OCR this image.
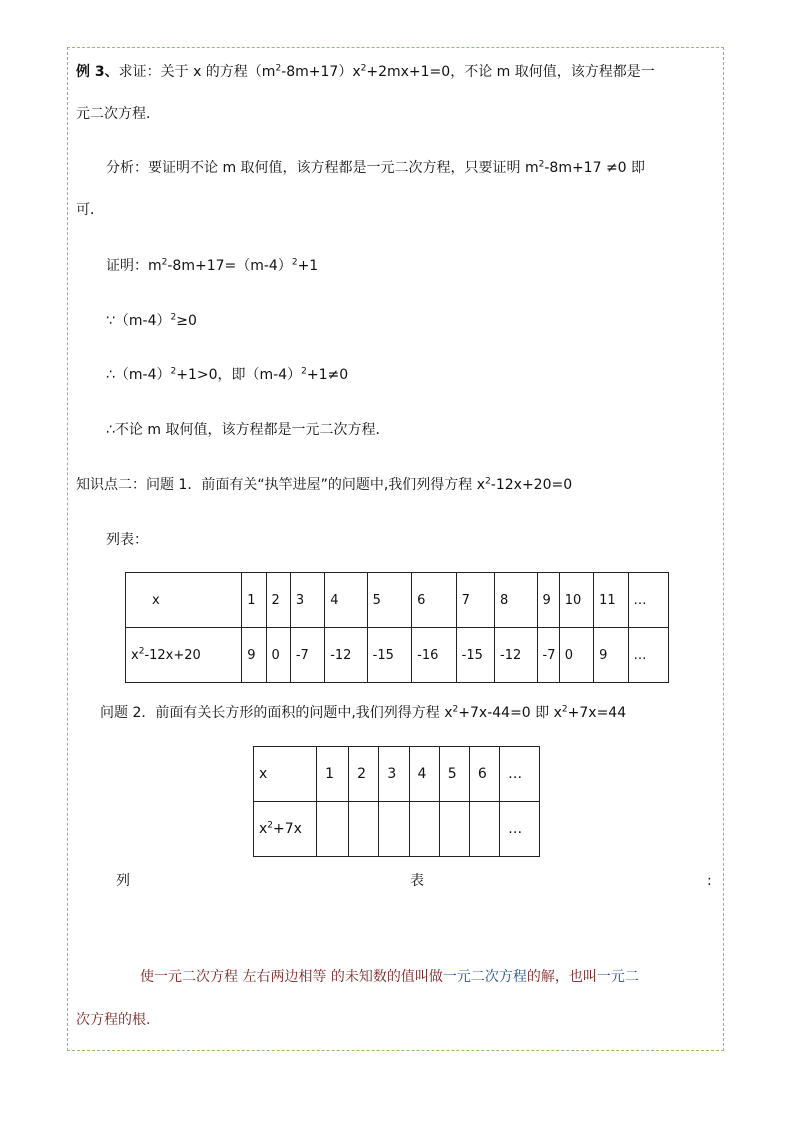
例 3、求证：关于 x 的方程$(m^2-8m+17)x^2+2mx+1=0$，不论 m 取何值，该方程都是一
元二次方程．
分析：要证明不论 m 取何值，该方程都是一元二次方程，只要证明 $m^2-8m+17 \ne 0$ 即
可．
证明：$m^2-8m+17=(m-4)^2+1$
$\because(m-4)^2\ge 0$
$\therefore(m-4)^2+1>0$，即$(m-4)^2+1\ne 0$
∴不论 m 取何值，该方程都是一元二次方程．
知识点二：问题 1．前面有关“执竿进屋”的问题中,我们列得方程 $x^2-12x+20=0$
列表：
x	1	2	3	4	5	6	7	8	9	10	11	…
$x^2-12x+20$	9	0	-7	-12	-15	-16	-15	-12	-7	0	9	…
问题 2．前面有关长方形的面积的问题中,我们列得方程 $x^2+7x-44=0$ 即 $x^2+7x=44$
x	1	2	3	4	5	6	…
$x^2+7x$							…
列	表	:
使一元二次方程 左右两边相等 的未知数的值叫做一元二次方程的解，也叫一元二
次方程的根.
